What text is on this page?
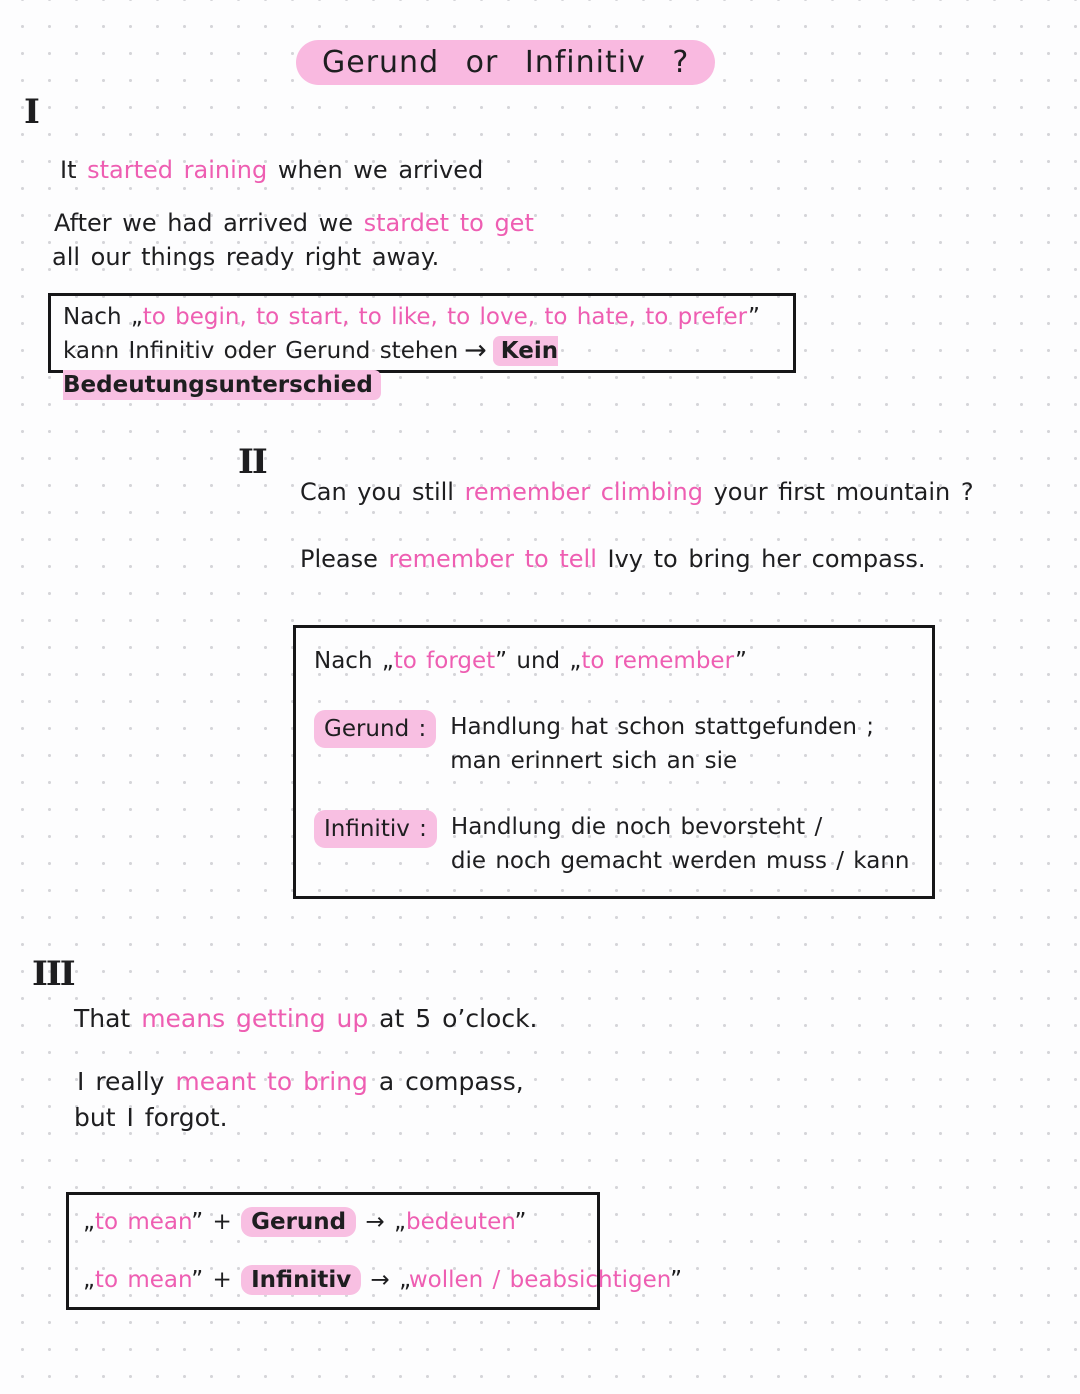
Gerund or Infinitiv ?
I
It started raining when we arrived
After we had arrived we stardet to get
all our things ready right away.
Nach „to begin, to start, to like, to love, to hate, to prefer”
kann Infinitiv oder Gerund stehen → Kein Bedeutungsunterschied
II
Can you still remember climbing your first mountain ?
Please remember to tell Ivy to bring her compass.
Nach „to forget” und „to remember”
Gerund :	Handlung hat schon stattgefunden ;
man erinnert sich an sie
Infinitiv :	Handlung die noch bevorsteht /
die noch gemacht werden muss / kann
III
That means getting up at 5 o’clock.
I really meant to bring a compass,
but I forgot.
„to mean” + Gerund → „bedeuten”
„to mean” + Infinitiv → „wollen / beabsichtigen”
